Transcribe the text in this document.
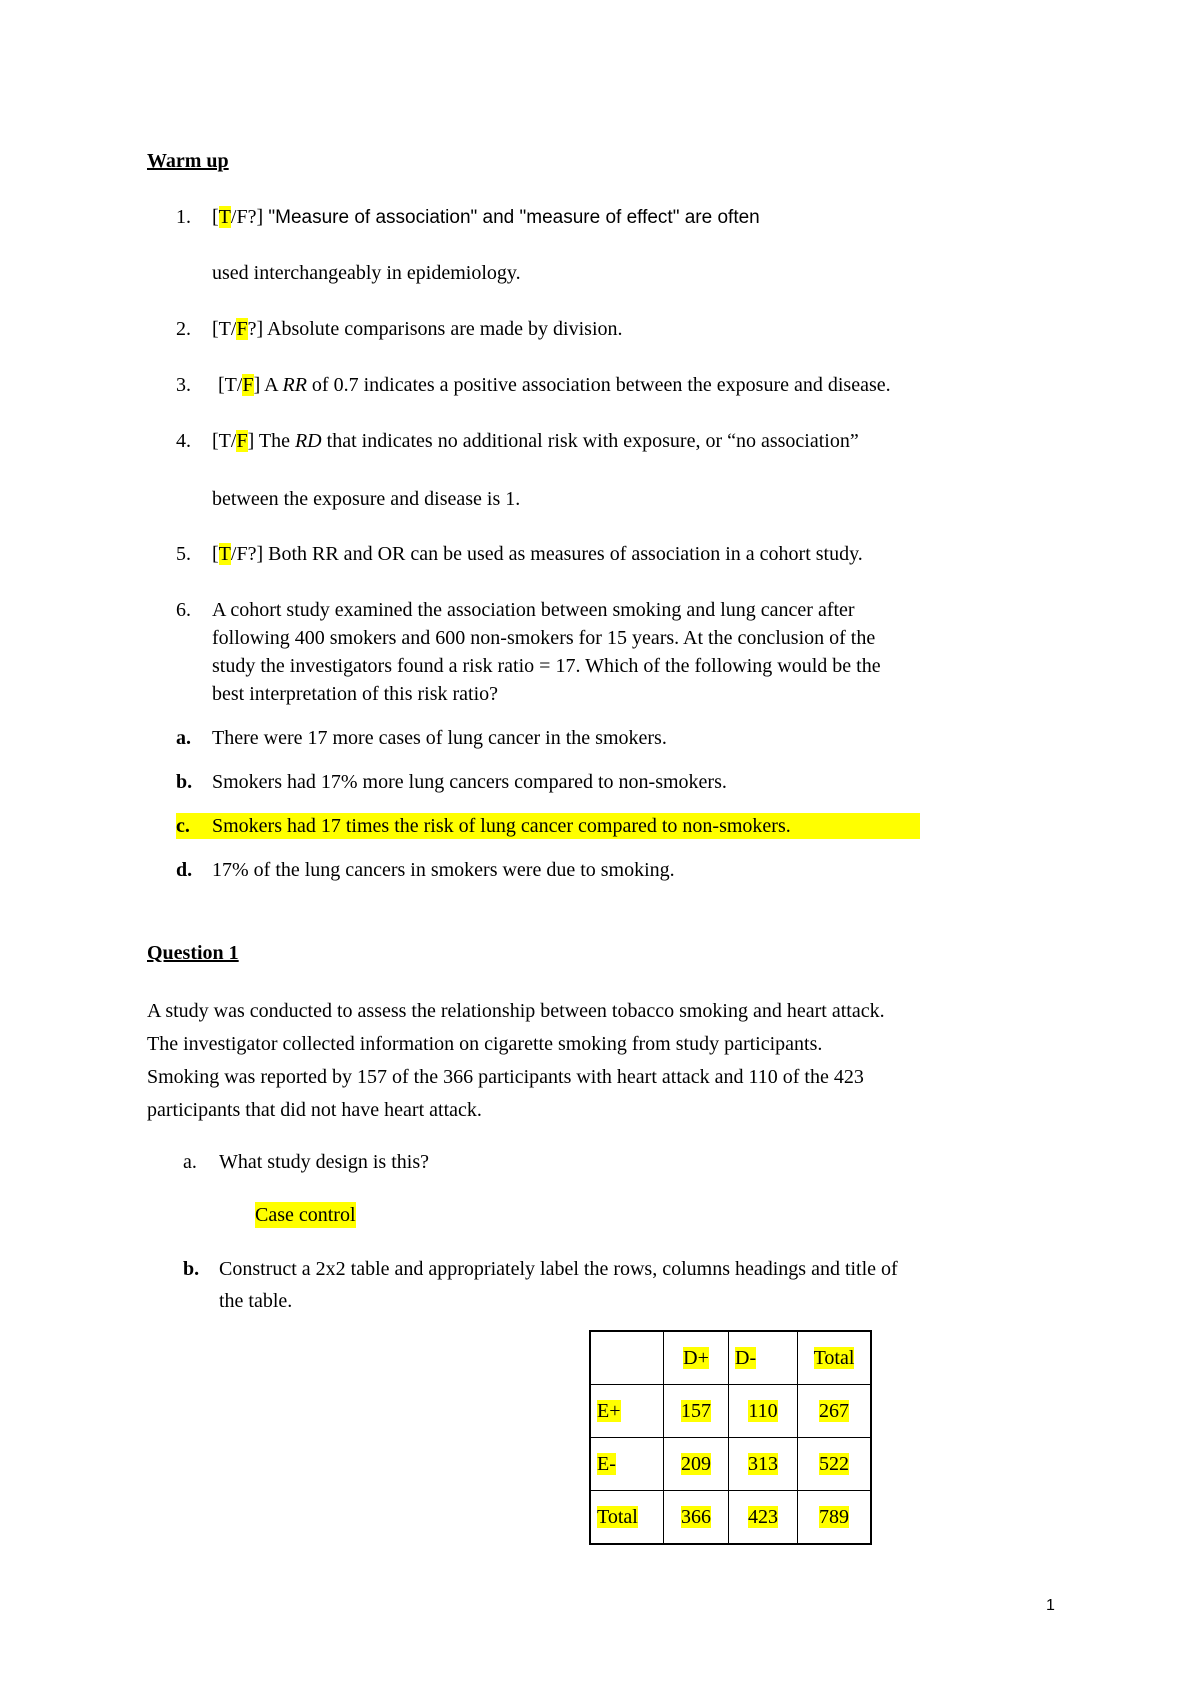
Warm up
1. [T/F?] "Measure of association" and "measure of effect" are often
used interchangeably in epidemiology.
2. [T/F?] Absolute comparisons are made by division.
3. [T/F] A RR of 0.7 indicates a positive association between the exposure and disease.
4. [T/F] The RD that indicates no additional risk with exposure, or “no association”
between the exposure and disease is 1.
5. [T/F?] Both RR and OR can be used as measures of association in a cohort study.
6. A cohort study examined the association between smoking and lung cancer after
following 400 smokers and 600 non-smokers for 15 years. At the conclusion of the
study the investigators found a risk ratio = 17. Which of the following would be the
best interpretation of this risk ratio?
a. There were 17 more cases of lung cancer in the smokers.
b. Smokers had 17% more lung cancers compared to non-smokers.
c. Smokers had 17 times the risk of lung cancer compared to non-smokers.
d. 17% of the lung cancers in smokers were due to smoking.
Question 1
A study was conducted to assess the relationship between tobacco smoking and heart attack.
The investigator collected information on cigarette smoking from study participants.
Smoking was reported by 157 of the 366 participants with heart attack and 110 of the 423
participants that did not have heart attack.
a. What study design is this?
Case control
b. Construct a 2x2 table and appropriately label the rows, columns headings and title of
the table.
	D+	D-	Total
E+	157	110	267
E-	209	313	522
Total	366	423	789
1
